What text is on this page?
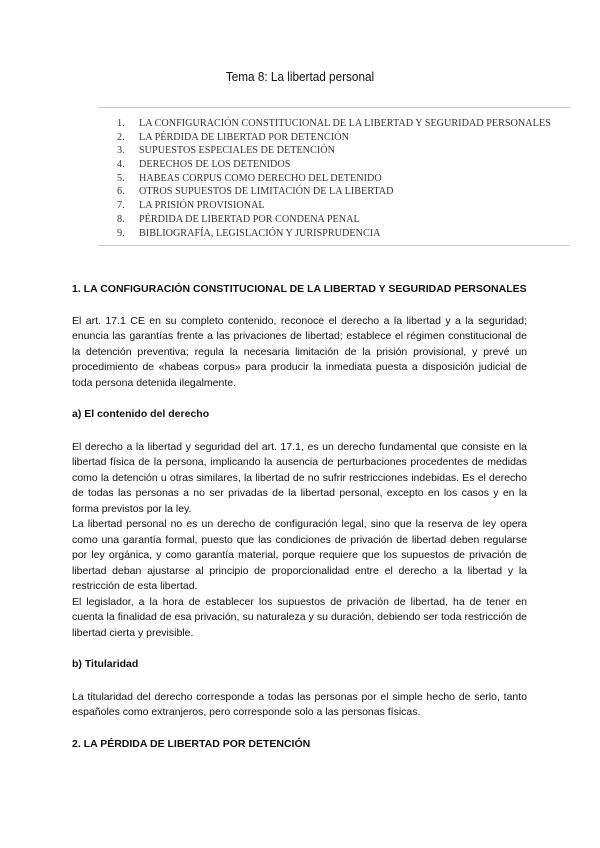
Tema 8: La libertad personal
1. LA CONFIGURACIÓN CONSTITUCIONAL DE LA LIBERTAD Y SEGURIDAD PERSONALES
2. LA PÉRDIDA DE LIBERTAD POR DETENCIÓN
3. SUPUESTOS ESPECIALES DE DETENCIÓN
4. DERECHOS DE LOS DETENIDOS
5. HABEAS CORPUS COMO DERECHO DEL DETENIDO
6. OTROS SUPUESTOS DE LIMITACIÓN DE LA LIBERTAD
7. LA PRISIÓN PROVISIONAL
8. PÉRDIDA DE LIBERTAD POR CONDENA PENAL
9. BIBLIOGRAFÍA, LEGISLACIÓN Y JURISPRUDENCIA
1. LA CONFIGURACIÓN CONSTITUCIONAL DE LA LIBERTAD Y SEGURIDAD PERSONALES

El art. 17.1 CE en su completo contenido, reconoce el derecho a la libertad y a la seguridad; enuncia las garantías frente a las privaciones de libertad; establece el régimen constitucional de la detención preventiva; regula la necesaria limitación de la prisión provisional, y prevé un procedimiento de «habeas corpus» para producir la inmediata puesta a disposición judicial de toda persona detenida ilegalmente.

a) El contenido del derecho

El derecho a la libertad y seguridad del art. 17.1, es un derecho fundamental que consiste en la libertad física de la persona, implicando la ausencia de perturbaciones procedentes de medidas como la detención u otras similares, la libertad de no sufrir restricciones indebidas. Es el derecho de todas las personas a no ser privadas de la libertad personal, excepto en los casos y en la forma previstos por la ley.

La libertad personal no es un derecho de configuración legal, sino que la reserva de ley opera como una garantía formal, puesto que las condiciones de privación de libertad deben regularse por ley orgánica, y como garantía material, porque requiere que los supuestos de privación de libertad deban ajustarse al principio de proporcionalidad entre el derecho a la libertad y la restricción de esta libertad.

El legislador, a la hora de establecer los supuestos de privación de libertad, ha de tener en cuenta la finalidad de esa privación, su naturaleza y su duración, debiendo ser toda restricción de libertad cierta y previsible.

b) Titularidad

La titularidad del derecho corresponde a todas las personas por el simple hecho de serlo, tanto españoles como extranjeros, pero corresponde solo a las personas físicas.

2. LA PÉRDIDA DE LIBERTAD POR DETENCIÓN
